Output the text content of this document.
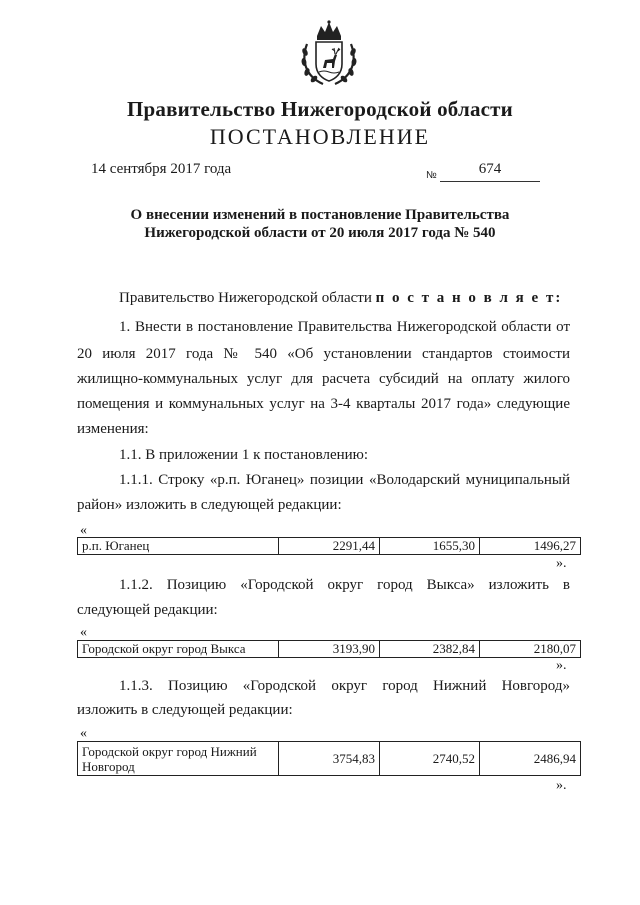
Правительство Нижегородской области
ПОСТАНОВЛЕНИЕ
14 сентября 2017 года	№	674
О внесении изменений в постановление Правительства
Нижегородской области от 20 июля 2017 года № 540
Правительство Нижегородской области п о с т а н о в л я е т:
1. Внести в постановление Правительства Нижегородской области от
20 июля 2017 года № 540 «Об установлении стандартов стоимости
жилищно-коммунальных услуг для расчета субсидий на оплату жилого
помещения и коммунальных услуг на 3-4 кварталы 2017 года» следующие
изменения:
1.1. В приложении 1 к постановлению:
1.1.1. Строку «р.п. Юганец» позиции «Володарский муниципальный
район» изложить в следующей редакции:
«
р.п. Юганец	2291,44	1655,30	1496,27
».
1.1.2. Позицию «Городской округ город Выкса» изложить в
следующей редакции:
«
Городской округ город Выкса	3193,90	2382,84	2180,07
».
1.1.3. Позицию «Городской округ город Нижний Новгород»
изложить в следующей редакции:
«
Городской округ город Нижний Новгород	3754,83	2740,52	2486,94
».
